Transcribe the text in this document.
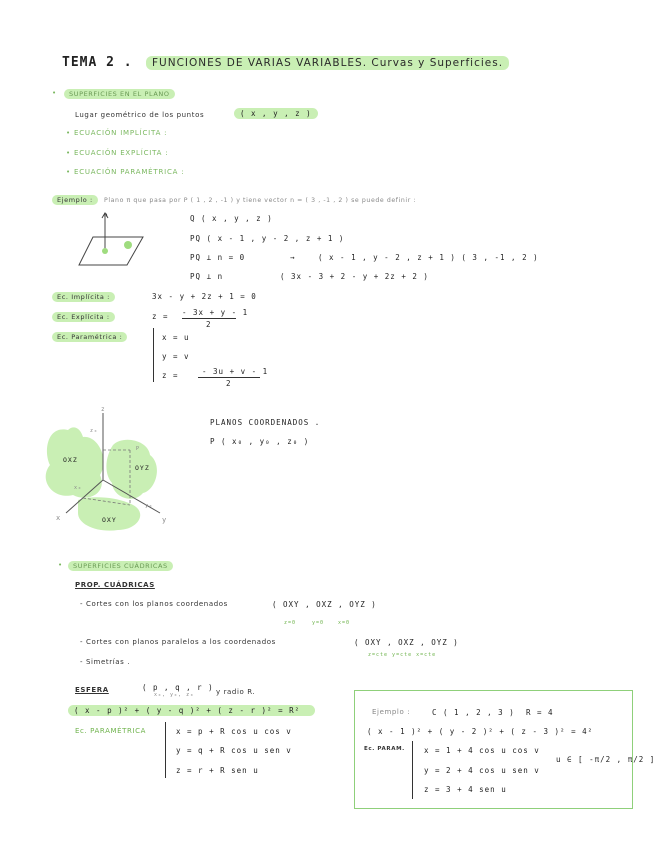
TEMA 2 .	FUNCIONES DE VARIAS VARIABLES. Curvas y Superficies.
•	SUPERFICIES EN EL PLANO
Lugar geométrico de los puntos	( x , y , z )
• ECUACIÓN IMPLÍCITA :
• ECUACIÓN EXPLÍCITA :
• ECUACIÓN PARAMÉTRICA :
Ejemplo :	Plano π que pasa por P ( 1 , 2 , -1 ) y tiene vector n = ( 3 , -1 , 2 ) se puede definir :
n	Q ( x , y , z )
PQ ( x - 1 , y - 2 , z + 1 )
PQ ⊥ n = 0	→	( x - 1 , y - 2 , z + 1 ) ( 3 , -1 , 2 )
PQ ⊥ n	( 3x - 3 + 2 - y + 2z + 2 )
Ec. Implícita :	3x - y + 2z + 1 = 0
Ec. Explícita :	z = - 3x + y - 1
2
Ec. Paramétrica :	x = u
y = v
z =	- 3u + v - 1
2
z
x	y
z₀
x₀
y₀
P
OXZ
OYZ
OXY
PLANOS COORDENADOS .
P ( x₀ , y₀ , z₀ )
•	SUPERFICIES CUÁDRICAS
PROP. CUÁDRICAS
- Cortes con los planos coordenados	( OXY , OXZ , OYZ )
z=0	y=0	x=0
- Cortes con planos paralelos a los coordenados	( OXY , OXZ , OYZ )
z=cte y=cte x=cte
- Simetrías .
ESFERA	( p , q , r )
x₀, y₀, z₀	y radio R.
( x - p )² + ( y - q )² + ( z - r )² = R²
Ec. PARAMÉTRICA	x = p + R cos u cos v
y = q + R cos u sen v
z = r + R sen u
Ejemplo :	C ( 1 , 2 , 3 ) R = 4
( x - 1 )² + ( y - 2 )² + ( z - 3 )² = 4²
Ec. PARAM.	x = 1 + 4 cos u cos v
y = 2 + 4 cos u sen v
z = 3 + 4 sen u
u ∈ [ -π/2 , π/2 ]
